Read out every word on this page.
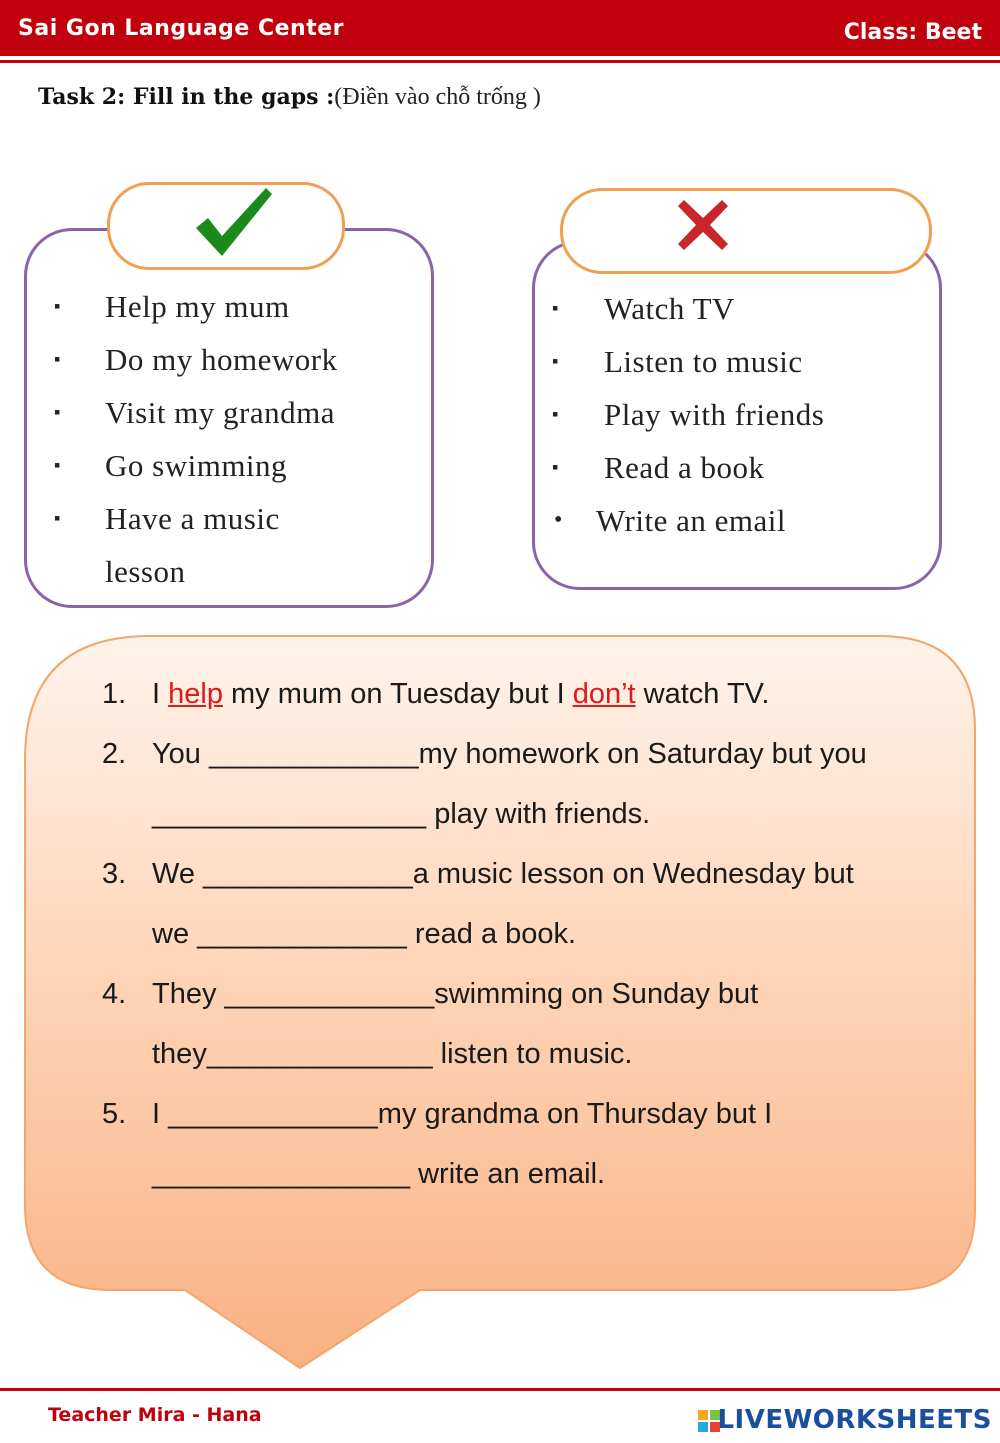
Sai Gon Language Center	Class: Beet
Task 2: Fill in the gaps :(Điền vào chỗ trống )
▪ Help my mum
▪ Do my homework
▪ Visit my grandma
▪ Go swimming
▪ Have a music
lesson
▪ Watch TV
▪ Listen to music
▪ Play with friends
▪ Read a book
• Write an email
1. I help my mum on Tuesday but I don’t watch TV.
2. You _____________my homework on Saturday but you
_________________ play with friends.
3. We _____________a music lesson on Wednesday but
we _____________ read a book.
4. They _____________swimming on Sunday but
they______________ listen to music.
5. I _____________my grandma on Thursday but I
________________ write an email.
Teacher Mira - Hana	LIVEWORKSHEETS
